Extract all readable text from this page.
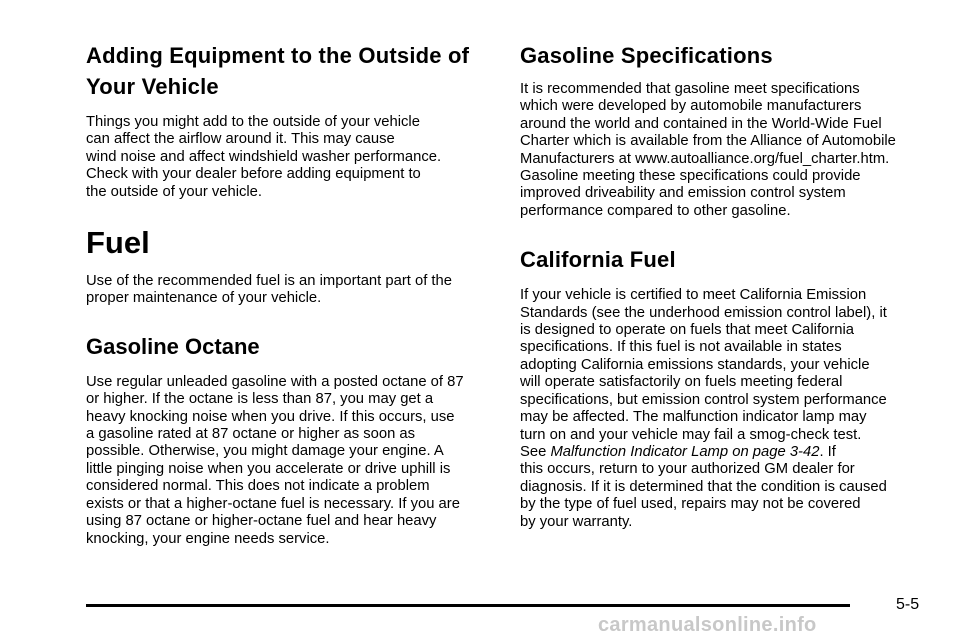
Adding Equipment to the Outside of
Your Vehicle

Things you might add to the outside of your vehicle
can affect the airflow around it. This may cause
wind noise and affect windshield washer performance.
Check with your dealer before adding equipment to
the outside of your vehicle.

Fuel

Use of the recommended fuel is an important part of the
proper maintenance of your vehicle.

Gasoline Octane

Use regular unleaded gasoline with a posted octane of 87
or higher. If the octane is less than 87, you may get a
heavy knocking noise when you drive. If this occurs, use
a gasoline rated at 87 octane or higher as soon as
possible. Otherwise, you might damage your engine. A
little pinging noise when you accelerate or drive uphill is
considered normal. This does not indicate a problem
exists or that a higher-octane fuel is necessary. If you are
using 87 octane or higher-octane fuel and hear heavy
knocking, your engine needs service.

Gasoline Specifications

It is recommended that gasoline meet specifications
which were developed by automobile manufacturers
around the world and contained in the World-Wide Fuel
Charter which is available from the Alliance of Automobile
Manufacturers at www.autoalliance.org/fuel_charter.htm.
Gasoline meeting these specifications could provide
improved driveability and emission control system
performance compared to other gasoline.

California Fuel

If your vehicle is certified to meet California Emission
Standards (see the underhood emission control label), it
is designed to operate on fuels that meet California
specifications. If this fuel is not available in states
adopting California emissions standards, your vehicle
will operate satisfactorily on fuels meeting federal
specifications, but emission control system performance
may be affected. The malfunction indicator lamp may
turn on and your vehicle may fail a smog-check test.
See Malfunction Indicator Lamp on page 3-42. If
this occurs, return to your authorized GM dealer for
diagnosis. If it is determined that the condition is caused
by the type of fuel used, repairs may not be covered
by your warranty.

5-5
carmanualsonline.info
